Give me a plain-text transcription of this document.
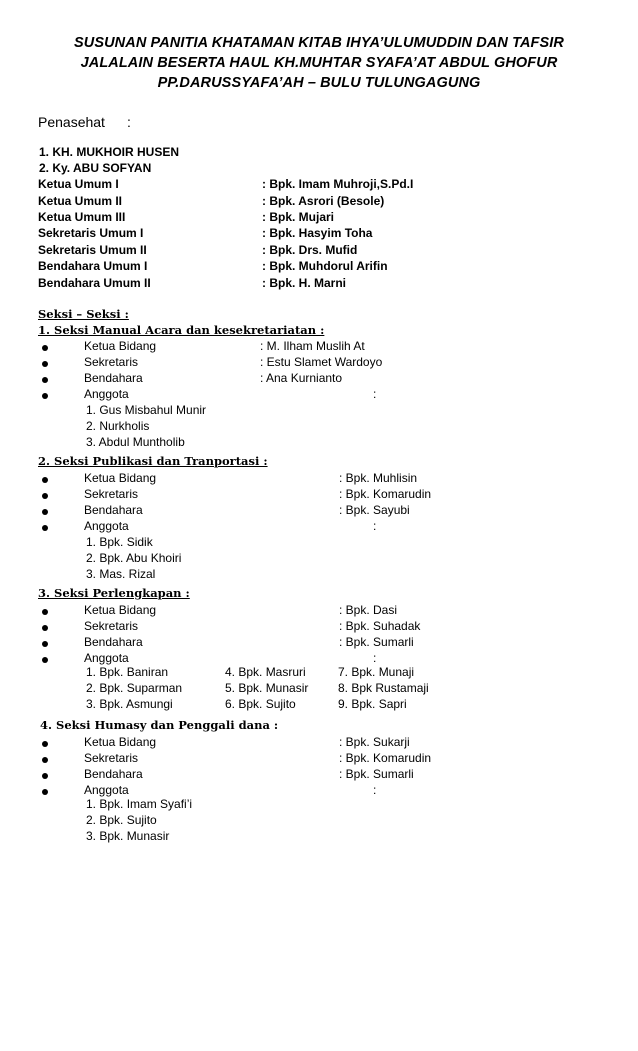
SUSUNAN PANITIA KHATAMAN KITAB IHYA’ULUMUDDIN DAN TAFSIR
JALALAIN BESERTA HAUL KH.MUHTAR SYAFA’AT ABDUL GHOFUR
PP.DARUSSYAFA’AH – BULU TULUNGAGUNG
Penasehat :
1. KH. MUKHOIR HUSEN
2. Ky. ABU SOFYAN
Ketua Umum I	: Bpk. Imam Muhroji,S.Pd.I
Ketua Umum II	: Bpk. Asrori (Besole)
Ketua Umum III	: Bpk. Mujari
Sekretaris Umum I	: Bpk. Hasyim Toha
Sekretaris Umum II	: Bpk. Drs. Mufid
Bendahara Umum I	: Bpk. Muhdorul Arifin
Bendahara Umum II	: Bpk. H. Marni
Seksi – Seksi :
1. Seksi Manual Acara dan kesekretariatan :
Ketua Bidang	: M. Ilham Muslih At
Sekretaris	: Estu Slamet Wardoyo
Bendahara	: Ana Kurnianto
Anggota	:
1. Gus Misbahul Munir
2. Nurkholis
3. Abdul Muntholib
2. Seksi Publikasi dan Tranportasi :
Ketua Bidang	: Bpk. Muhlisin
Sekretaris	: Bpk. Komarudin
Bendahara	: Bpk. Sayubi
Anggota	:
1. Bpk. Sidik
2. Bpk. Abu Khoiri
3. Mas. Rizal
3. Seksi Perlengkapan :
Ketua Bidang	: Bpk. Dasi
Sekretaris	: Bpk. Suhadak
Bendahara	: Bpk. Sumarli
Anggota	:
1. Bpk. Baniran	4. Bpk. Masruri	7. Bpk. Munaji
2. Bpk. Suparman	5. Bpk. Munasir 8. Bpk Rustamaji
3. Bpk. Asmungi	6. Bpk. Sujito	9. Bpk. Sapri
4. Seksi Humasy dan Penggali dana :
Ketua Bidang	: Bpk. Sukarji
Sekretaris	: Bpk. Komarudin
Bendahara	: Bpk. Sumarli
Anggota	:
1. Bpk. Imam Syafi’i
2. Bpk. Sujito
3. Bpk. Munasir
